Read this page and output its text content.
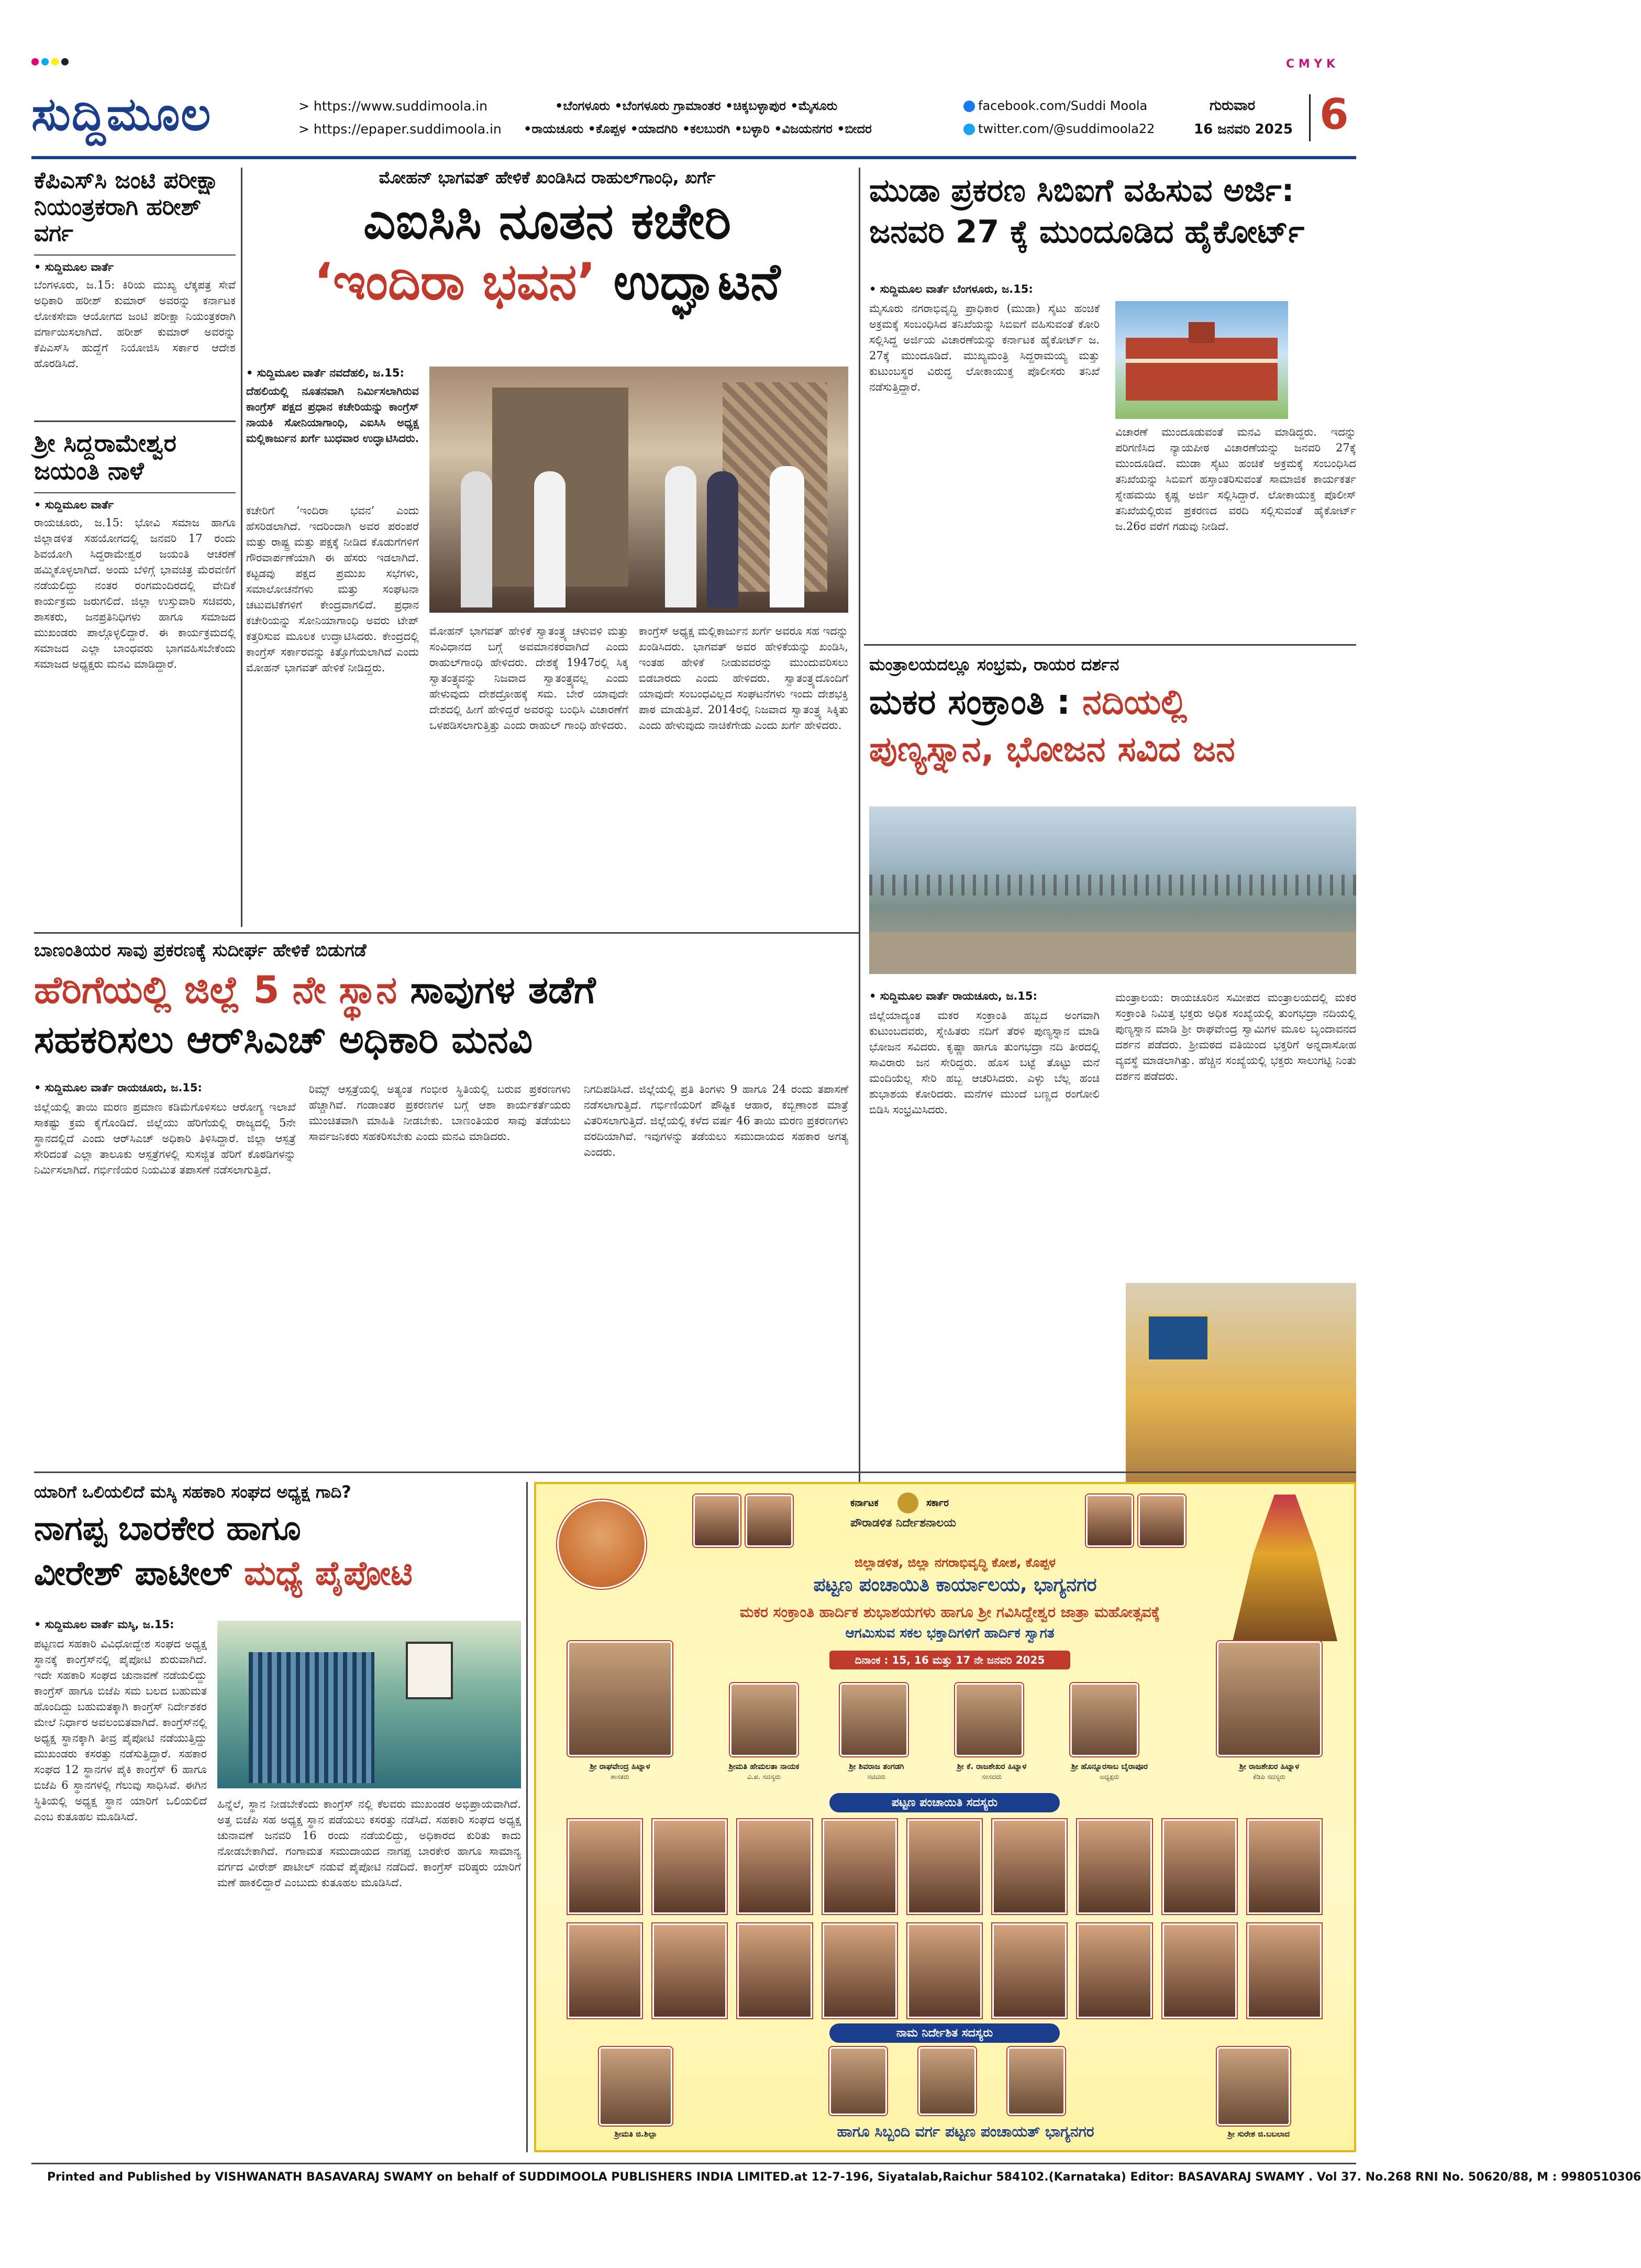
C M Y K
ಸುದ್ದಿಮೂಲ	> https://www.suddimoola.in
> https://epaper.suddimoola.in
•ಬೆಂಗಳೂರು •ಬೆಂಗಳೂರು ಗ್ರಾಮಾಂತರ •ಚಿಕ್ಕಬಳ್ಳಾಪುರ •ಮೈಸೂರು
•ರಾಯಚೂರು •ಕೊಪ್ಪಳ •ಯಾದಗಿರಿ •ಕಲಬುರಗಿ •ಬಳ್ಳಾರಿ •ವಿಜಯನಗರ •ಬೀದರ
facebook.com/Suddi Moola
twitter.com/@suddimoola22
ಗುರುವಾರ
16 ಜನವರಿ 2025 6
ಕೆಪಿಎಸ್‌ಸಿ ಜಂಟಿ ಪರೀಕ್ಷಾ ನಿಯಂತ್ರಕರಾಗಿ ಹರೀಶ್ ವರ್ಗ
• ಸುದ್ದಿಮೂಲ ವಾರ್ತೆ
ಬೆಂಗಳೂರು, ಜ.15: ಕಿರಿಯ ಮುಖ್ಯ ಲೆಕ್ಕಪತ್ರ ಸೇವೆ ಅಧಿಕಾರಿ ಹರೀಶ್ ಕುಮಾರ್ ಅವರನ್ನು ಕರ್ನಾಟಕ ಲೋಕಸೇವಾ ಆಯೋಗದ ಜಂಟಿ ಪರೀಕ್ಷಾ ನಿಯಂತ್ರಕರಾಗಿ ವರ್ಗಾಯಿಸಲಾಗಿದೆ. ಹರೀಶ್ ಕುಮಾರ್ ಅವರನ್ನು ಕೆಪಿಎಸ್‌ಸಿ ಹುದ್ದೆಗೆ ನಿಯೋಜಿಸಿ ಸರ್ಕಾರ ಆದೇಶ ಹೊರಡಿಸಿದೆ.
ಶ್ರೀ ಸಿದ್ದರಾಮೇಶ್ವರ ಜಯಂತಿ ನಾಳೆ
• ಸುದ್ದಿಮೂಲ ವಾರ್ತೆ
ರಾಯಚೂರು, ಜ.15: ಭೋವಿ ಸಮಾಜ ಹಾಗೂ ಜಿಲ್ಲಾಡಳಿತ ಸಹಯೋಗದಲ್ಲಿ ಜನವರಿ 17 ರಂದು ಶಿವಯೋಗಿ ಸಿದ್ದರಾಮೇಶ್ವರ ಜಯಂತಿ ಆಚರಣೆ ಹಮ್ಮಿಕೊಳ್ಳಲಾಗಿದೆ. ಅಂದು ಬೆಳಿಗ್ಗೆ ಭಾವಚಿತ್ರ ಮೆರವಣಿಗೆ ನಡೆಯಲಿದ್ದು ನಂತರ ರಂಗಮಂದಿರದಲ್ಲಿ ವೇದಿಕೆ ಕಾರ್ಯಕ್ರಮ ಜರುಗಲಿದೆ. ಜಿಲ್ಲಾ ಉಸ್ತುವಾರಿ ಸಚಿವರು, ಶಾಸಕರು, ಜನಪ್ರತಿನಿಧಿಗಳು ಹಾಗೂ ಸಮಾಜದ ಮುಖಂಡರು ಪಾಲ್ಗೊಳ್ಳಲಿದ್ದಾರೆ. ಈ ಕಾರ್ಯಕ್ರಮದಲ್ಲಿ ಸಮಾಜದ ಎಲ್ಲಾ ಬಾಂಧವರು ಭಾಗವಹಿಸಬೇಕೆಂದು ಸಮಾಜದ ಅಧ್ಯಕ್ಷರು ಮನವಿ ಮಾಡಿದ್ದಾರೆ.
ಮೋಹನ್ ಭಾಗವತ್ ಹೇಳಿಕೆ ಖಂಡಿಸಿದ ರಾಹುಲ್‌ಗಾಂಧಿ, ಖರ್ಗೆ
ಎಐಸಿಸಿ ನೂತನ ಕಚೇರಿ
‘ಇಂದಿರಾ ಭವನ’ ಉದ್ಘಾಟನೆ
• ಸುದ್ದಿಮೂಲ ವಾರ್ತೆ ನವದೆಹಲಿ, ಜ.15:
ದೆಹಲಿಯಲ್ಲಿ ನೂತನವಾಗಿ ನಿರ್ಮಿಸಲಾಗಿರುವ ಕಾಂಗ್ರೆಸ್ ಪಕ್ಷದ ಪ್ರಧಾನ ಕಚೇರಿಯನ್ನು ಕಾಂಗ್ರೆಸ್ ನಾಯಕಿ ಸೋನಿಯಾಗಾಂಧಿ, ಎಐಸಿಸಿ ಅಧ್ಯಕ್ಷ ಮಲ್ಲಿಕಾರ್ಜುನ ಖರ್ಗೆ ಬುಧವಾರ ಉದ್ಘಾಟಿಸಿದರು.
ಕಚೇರಿಗೆ ‘ಇಂದಿರಾ ಭವನ’ ಎಂದು ಹೆಸರಿಡಲಾಗಿದೆ. ಇದರಿಂದಾಗಿ ಅವರ ಪರಂಪರೆ ಮತ್ತು ರಾಷ್ಟ್ರ ಮತ್ತು ಪಕ್ಷಕ್ಕೆ ನೀಡಿದ ಕೊಡುಗೆಗಳಿಗೆ ಗೌರವಾರ್ಪಣೆಯಾಗಿ ಈ ಹೆಸರು ಇಡಲಾಗಿದೆ. ಕಟ್ಟಡವು ಪಕ್ಷದ ಪ್ರಮುಖ ಸಭೆಗಳು, ಸಮಾಲೋಚನೆಗಳು ಮತ್ತು ಸಂಘಟನಾ ಚಟುವಟಿಕೆಗಳಿಗೆ ಕೇಂದ್ರವಾಗಲಿದೆ. ಪ್ರಧಾನ ಕಚೇರಿಯನ್ನು ಸೋನಿಯಾಗಾಂಧಿ ಅವರು ಟೇಪ್ ಕತ್ತರಿಸುವ ಮೂಲಕ ಉದ್ಘಾಟಿಸಿದರು. ಕೇಂದ್ರದಲ್ಲಿ ಕಾಂಗ್ರೆಸ್ ಸರ್ಕಾರವನ್ನು ಕಿತ್ತೊಗೆಯಲಾಗಿದೆ ಎಂದು ಮೋಹನ್ ಭಾಗವತ್ ಹೇಳಿಕೆ ನೀಡಿದ್ದರು.
ಮೋಹನ್ ಭಾಗವತ್ ಹೇಳಿಕೆ ಸ್ವಾತಂತ್ರ್ಯ ಚಳುವಳಿ ಮತ್ತು ಸಂವಿಧಾನದ ಬಗ್ಗೆ ಅವಮಾನಕರವಾಗಿದೆ ಎಂದು ರಾಹುಲ್‌ಗಾಂಧಿ ಹೇಳಿದರು. ದೇಶಕ್ಕೆ 1947ರಲ್ಲಿ ಸಿಕ್ಕ ಸ್ವಾತಂತ್ರ್ಯವನ್ನು ನಿಜವಾದ ಸ್ವಾತಂತ್ರ್ಯವಲ್ಲ ಎಂದು ಹೇಳುವುದು ದೇಶದ್ರೋಹಕ್ಕೆ ಸಮ. ಬೇರೆ ಯಾವುದೇ ದೇಶದಲ್ಲಿ ಹೀಗೆ ಹೇಳಿದ್ದರೆ ಅವರನ್ನು ಬಂಧಿಸಿ ವಿಚಾರಣೆಗೆ ಒಳಪಡಿಸಲಾಗುತ್ತಿತ್ತು ಎಂದು ರಾಹುಲ್ ಗಾಂಧಿ ಹೇಳಿದರು.
ಕಾಂಗ್ರೆಸ್ ಅಧ್ಯಕ್ಷ ಮಲ್ಲಿಕಾರ್ಜುನ ಖರ್ಗೆ ಅವರೂ ಸಹ ಇದನ್ನು ಖಂಡಿಸಿದರು. ಭಾಗವತ್ ಅವರ ಹೇಳಿಕೆಯನ್ನು ಖಂಡಿಸಿ, ಇಂತಹ ಹೇಳಿಕೆ ನೀಡುವವರನ್ನು ಮುಂದುವರಿಸಲು ಬಿಡಬಾರದು ಎಂದು ಹೇಳಿದರು. ಸ್ವಾತಂತ್ರ್ಯದೊಂದಿಗೆ ಯಾವುದೇ ಸಂಬಂಧವಿಲ್ಲದ ಸಂಘಟನೆಗಳು ಇಂದು ದೇಶಭಕ್ತಿ ಪಾಠ ಮಾಡುತ್ತಿವೆ. 2014ರಲ್ಲಿ ನಿಜವಾದ ಸ್ವಾತಂತ್ರ್ಯ ಸಿಕ್ಕಿತು ಎಂದು ಹೇಳುವುದು ನಾಚಿಕೆಗೇಡು ಎಂದು ಖರ್ಗೆ ಹೇಳಿದರು.
ಮುಡಾ ಪ್ರಕರಣ ಸಿಬಿಐಗೆ ವಹಿಸುವ ಅರ್ಜಿ:
ಜನವರಿ 27 ಕ್ಕೆ ಮುಂದೂಡಿದ ಹೈಕೋರ್ಟ್
• ಸುದ್ದಿಮೂಲ ವಾರ್ತೆ ಬೆಂಗಳೂರು, ಜ.15:
ಮೈಸೂರು ನಗರಾಭಿವೃದ್ಧಿ ಪ್ರಾಧಿಕಾರ (ಮುಡಾ) ಸೈಟು ಹಂಚಿಕೆ ಅಕ್ರಮಕ್ಕೆ ಸಂಬಂಧಿಸಿದ ತನಿಖೆಯನ್ನು ಸಿಬಿಐಗೆ ವಹಿಸುವಂತೆ ಕೋರಿ ಸಲ್ಲಿಸಿದ್ದ ಅರ್ಜಿಯ ವಿಚಾರಣೆಯನ್ನು ಕರ್ನಾಟಕ ಹೈಕೋರ್ಟ್ ಜ. 27ಕ್ಕೆ ಮುಂದೂಡಿದೆ. ಮುಖ್ಯಮಂತ್ರಿ ಸಿದ್ದರಾಮಯ್ಯ ಮತ್ತು ಕುಟುಂಬಸ್ಥರ ವಿರುದ್ಧ ಲೋಕಾಯುಕ್ತ ಪೊಲೀಸರು ತನಿಖೆ ನಡೆಸುತ್ತಿದ್ದಾರೆ.
ವಿಚಾರಣೆ ಮುಂದೂಡುವಂತೆ ಮನವಿ ಮಾಡಿದ್ದರು. ಇದನ್ನು ಪರಿಗಣಿಸಿದ ನ್ಯಾಯಪೀಠ ವಿಚಾರಣೆಯನ್ನು ಜನವರಿ 27ಕ್ಕೆ ಮುಂದೂಡಿದೆ. ಮುಡಾ ಸೈಟು ಹಂಚಿಕೆ ಅಕ್ರಮಕ್ಕೆ ಸಂಬಂಧಿಸಿದ ತನಿಖೆಯನ್ನು ಸಿಬಿಐಗೆ ಹಸ್ತಾಂತರಿಸುವಂತೆ ಸಾಮಾಜಿಕ ಕಾರ್ಯಕರ್ತ ಸ್ನೇಹಮಯಿ ಕೃಷ್ಣ ಅರ್ಜಿ ಸಲ್ಲಿಸಿದ್ದಾರೆ. ಲೋಕಾಯುಕ್ತ ಪೊಲೀಸ್ ತನಿಖೆಯಲ್ಲಿರುವ ಪ್ರಕರಣದ ವರದಿ ಸಲ್ಲಿಸುವಂತೆ ಹೈಕೋರ್ಟ್ ಜ.26ರ ವರೆಗೆ ಗಡುವು ನೀಡಿದೆ.
ಮಂತ್ರಾಲಯದಲ್ಲೂ ಸಂಭ್ರಮ, ರಾಯರ ದರ್ಶನ
ಮಕರ ಸಂಕ್ರಾಂತಿ : ನದಿಯಲ್ಲಿ
ಪುಣ್ಯಸ್ನಾನ, ಭೋಜನ ಸವಿದ ಜನ
• ಸುದ್ದಿಮೂಲ ವಾರ್ತೆ ರಾಯಚೂರು, ಜ.15:
ಜಿಲ್ಲೆಯಾದ್ಯಂತ ಮಕರ ಸಂಕ್ರಾಂತಿ ಹಬ್ಬದ ಅಂಗವಾಗಿ ಕುಟುಂಬದವರು, ಸ್ನೇಹಿತರು ನದಿಗೆ ತೆರಳಿ ಪುಣ್ಯಸ್ನಾನ ಮಾಡಿ ಭೋಜನ ಸವಿದರು. ಕೃಷ್ಣಾ ಹಾಗೂ ತುಂಗಭದ್ರಾ ನದಿ ತೀರದಲ್ಲಿ ಸಾವಿರಾರು ಜನ ಸೇರಿದ್ದರು. ಹೊಸ ಬಟ್ಟೆ ತೊಟ್ಟು ಮನೆ ಮಂದಿಯೆಲ್ಲ ಸೇರಿ ಹಬ್ಬ ಆಚರಿಸಿದರು. ಎಳ್ಳು ಬೆಲ್ಲ ಹಂಚಿ ಶುಭಾಶಯ ಕೋರಿದರು. ಮನೆಗಳ ಮುಂದೆ ಬಣ್ಣದ ರಂಗೋಲಿ ಬಿಡಿಸಿ ಸಂಭ್ರಮಿಸಿದರು.
ಮಂತ್ರಾಲಯ: ರಾಯಚೂರಿನ ಸಮೀಪದ ಮಂತ್ರಾಲಯದಲ್ಲಿ ಮಕರ ಸಂಕ್ರಾಂತಿ ನಿಮಿತ್ತ ಭಕ್ತರು ಅಧಿಕ ಸಂಖ್ಯೆಯಲ್ಲಿ ತುಂಗಭದ್ರಾ ನದಿಯಲ್ಲಿ ಪುಣ್ಯಸ್ನಾನ ಮಾಡಿ ಶ್ರೀ ರಾಘವೇಂದ್ರ ಸ್ವಾಮಿಗಳ ಮೂಲ ಬೃಂದಾವನದ ದರ್ಶನ ಪಡೆದರು. ಶ್ರೀಮಠದ ವತಿಯಿಂದ ಭಕ್ತರಿಗೆ ಅನ್ನದಾಸೋಹ ವ್ಯವಸ್ಥೆ ಮಾಡಲಾಗಿತ್ತು. ಹೆಚ್ಚಿನ ಸಂಖ್ಯೆಯಲ್ಲಿ ಭಕ್ತರು ಸಾಲುಗಟ್ಟಿ ನಿಂತು ದರ್ಶನ ಪಡೆದರು.
ಬಾಣಂತಿಯರ ಸಾವು ಪ್ರಕರಣಕ್ಕೆ ಸುದೀರ್ಘ ಹೇಳಿಕೆ ಬಿಡುಗಡೆ
ಹೆರಿಗೆಯಲ್ಲಿ ಜಿಲ್ಲೆ 5 ನೇ ಸ್ಥಾನ ಸಾವುಗಳ ತಡೆಗೆ
ಸಹಕರಿಸಲು ಆರ್‌ಸಿಎಚ್ ಅಧಿಕಾರಿ ಮನವಿ
• ಸುದ್ದಿಮೂಲ ವಾರ್ತೆ ರಾಯಚೂರು, ಜ.15:
ಜಿಲ್ಲೆಯಲ್ಲಿ ತಾಯಿ ಮರಣ ಪ್ರಮಾಣ ಕಡಿಮೆಗೊಳಿಸಲು ಆರೋಗ್ಯ ಇಲಾಖೆ ಸಾಕಷ್ಟು ಕ್ರಮ ಕೈಗೊಂಡಿದೆ. ಜಿಲ್ಲೆಯು ಹೆರಿಗೆಯಲ್ಲಿ ರಾಜ್ಯದಲ್ಲಿ 5ನೇ ಸ್ಥಾನದಲ್ಲಿದೆ ಎಂದು ಆರ್‌ಸಿಎಚ್ ಅಧಿಕಾರಿ ತಿಳಿಸಿದ್ದಾರೆ. ಜಿಲ್ಲಾ ಆಸ್ಪತ್ರೆ ಸೇರಿದಂತೆ ಎಲ್ಲಾ ತಾಲೂಕು ಆಸ್ಪತ್ರೆಗಳಲ್ಲಿ ಸುಸಜ್ಜಿತ ಹೆರಿಗೆ ಕೊಠಡಿಗಳನ್ನು ನಿರ್ಮಿಸಲಾಗಿದೆ. ಗರ್ಭಿಣಿಯರ ನಿಯಮಿತ ತಪಾಸಣೆ ನಡೆಸಲಾಗುತ್ತಿದೆ.
ರಿಮ್ಸ್ ಆಸ್ಪತ್ರೆಯಲ್ಲಿ ಅತ್ಯಂತ ಗಂಭೀರ ಸ್ಥಿತಿಯಲ್ಲಿ ಬರುವ ಪ್ರಕರಣಗಳು ಹೆಚ್ಚಾಗಿವೆ. ಗಂಡಾಂತರ ಪ್ರಕರಣಗಳ ಬಗ್ಗೆ ಆಶಾ ಕಾರ್ಯಕರ್ತೆಯರು ಮುಂಚಿತವಾಗಿ ಮಾಹಿತಿ ನೀಡಬೇಕು. ಬಾಣಂತಿಯರ ಸಾವು ತಡೆಯಲು ಸಾರ್ವಜನಿಕರು ಸಹಕರಿಸಬೇಕು ಎಂದು ಮನವಿ ಮಾಡಿದರು.
ನಿಗದಿಪಡಿಸಿದೆ. ಜಿಲ್ಲೆಯಲ್ಲಿ ಪ್ರತಿ ತಿಂಗಳು 9 ಹಾಗೂ 24 ರಂದು ತಪಾಸಣೆ ನಡೆಸಲಾಗುತ್ತಿದೆ. ಗರ್ಭಿಣಿಯರಿಗೆ ಪೌಷ್ಟಿಕ ಆಹಾರ, ಕಬ್ಬಿಣಾಂಶ ಮಾತ್ರೆ ವಿತರಿಸಲಾಗುತ್ತಿದೆ. ಜಿಲ್ಲೆಯಲ್ಲಿ ಕಳೆದ ವರ್ಷ 46 ತಾಯಿ ಮರಣ ಪ್ರಕರಣಗಳು ವರದಿಯಾಗಿವೆ. ಇವುಗಳನ್ನು ತಡೆಯಲು ಸಮುದಾಯದ ಸಹಕಾರ ಅಗತ್ಯ ಎಂದರು.
ಯಾರಿಗೆ ಒಲಿಯಲಿದೆ ಮಸ್ಕಿ ಸಹಕಾರಿ ಸಂಘದ ಅಧ್ಯಕ್ಷ ಗಾದಿ?
ನಾಗಪ್ಪ ಬಾರಕೇರ ಹಾಗೂ
ವೀರೇಶ್ ಪಾಟೀಲ್ ಮಧ್ಯೆ ಪೈಪೋಟಿ
• ಸುದ್ದಿಮೂಲ ವಾರ್ತೆ ಮಸ್ಕಿ, ಜ.15:
ಪಟ್ಟಣದ ಸಹಕಾರಿ ವಿವಿಧೋದ್ದೇಶ ಸಂಘದ ಅಧ್ಯಕ್ಷ ಸ್ಥಾನಕ್ಕೆ ಕಾಂಗ್ರೆಸ್‌ನಲ್ಲಿ ಪೈಪೋಟಿ ಶುರುವಾಗಿದೆ. ಇದೇ ಸಹಕಾರಿ ಸಂಘದ ಚುನಾವಣೆ ನಡೆಯಲಿದ್ದು ಕಾಂಗ್ರೆಸ್ ಹಾಗೂ ಬಿಜೆಪಿ ಸಮ ಬಲದ ಬಹುಮತ ಹೊಂದಿದ್ದು ಬಹುಮತಕ್ಕಾಗಿ ಕಾಂಗ್ರೆಸ್ ನಿರ್ದೇಶಕರ ಮೇಲೆ ನಿರ್ಧಾರ ಅವಲಂಬಿತವಾಗಿದೆ. ಕಾಂಗ್ರೆಸ್‌ನಲ್ಲಿ ಅಧ್ಯಕ್ಷ ಸ್ಥಾನಕ್ಕಾಗಿ ತೀವ್ರ ಪೈಪೋಟಿ ನಡೆಯುತ್ತಿದ್ದು ಮುಖಂಡರು ಕಸರತ್ತು ನಡೆಸುತ್ತಿದ್ದಾರೆ. ಸಹಕಾರ ಸಂಘದ 12 ಸ್ಥಾನಗಳ ಪೈಕಿ ಕಾಂಗ್ರೆಸ್ 6 ಹಾಗೂ ಬಿಜೆಪಿ 6 ಸ್ಥಾನಗಳಲ್ಲಿ ಗೆಲುವು ಸಾಧಿಸಿವೆ. ಈಗಿನ ಸ್ಥಿತಿಯಲ್ಲಿ ಅಧ್ಯಕ್ಷ ಸ್ಥಾನ ಯಾರಿಗೆ ಒಲಿಯಲಿದೆ ಎಂಬ ಕುತೂಹಲ ಮೂಡಿಸಿದೆ.
ಹಿನ್ನೆಲೆ, ಸ್ಥಾನ ನೀಡಬೇಕೆಂದು ಕಾಂಗ್ರೆಸ್ ನಲ್ಲಿ ಕೆಲವರು ಮುಖಂಡರ ಅಭಿಪ್ರಾಯವಾಗಿದೆ. ಅತ್ತ ಬಿಜೆಪಿ ಸಹ ಅಧ್ಯಕ್ಷ ಸ್ಥಾನ ಪಡೆಯಲು ಕಸರತ್ತು ನಡೆಸಿದೆ. ಸಹಕಾರಿ ಸಂಘದ ಅಧ್ಯಕ್ಷ ಚುನಾವಣೆ ಜನವರಿ 16 ರಂದು ನಡೆಯಲಿದ್ದು, ಅಧಿಕಾರದ ಕುರಿತು ಕಾದು ನೋಡಬೇಕಾಗಿದೆ. ಗಂಗಾಮತ ಸಮುದಾಯದ ನಾಗಪ್ಪ ಬಾರಕೇರ ಹಾಗೂ ಸಾಮಾನ್ಯ ವರ್ಗದ ವೀರೇಶ್ ಪಾಟೀಲ್ ನಡುವೆ ಪೈಪೋಟಿ ನಡೆದಿದೆ. ಕಾಂಗ್ರೆಸ್ ವರಿಷ್ಠರು ಯಾರಿಗೆ ಮಣೆ ಹಾಕಲಿದ್ದಾರೆ ಎಂಬುದು ಕುತೂಹಲ ಮೂಡಿಸಿದೆ.
ಕರ್ನಾಟಕ	ಸರ್ಕಾರ
ಪೌರಾಡಳಿತ ನಿರ್ದೇಶನಾಲಯ
ಜಿಲ್ಲಾಡಳಿತ, ಜಿಲ್ಲಾ ನಗರಾಭಿವೃದ್ಧಿ ಕೋಶ, ಕೊಪ್ಪಳ
ಪಟ್ಟಣ ಪಂಚಾಯಿತಿ ಕಾರ್ಯಾಲಯ, ಭಾಗ್ಯನಗರ
ಮಕರ ಸಂಕ್ರಾಂತಿ ಹಾರ್ದಿಕ ಶುಭಾಶಯಗಳು ಹಾಗೂ ಶ್ರೀ ಗವಿಸಿದ್ದೇಶ್ವರ ಜಾತ್ರಾ ಮಹೋತ್ಸವಕ್ಕೆ
ಆಗಮಿಸುವ ಸಕಲ ಭಕ್ತಾದಿಗಳಿಗೆ ಹಾರ್ದಿಕ ಸ್ವಾಗತ
ದಿನಾಂಕ : 15, 16 ಮತ್ತು 17 ನೇ ಜನವರಿ 2025
ಶ್ರೀ ರಾಘವೇಂದ್ರ ಹಿಟ್ನಾಳ
ಶಾಸಕರು
ಶ್ರೀಮತಿ ಹೇಮಲತಾ ನಾಯಕ
ವಿ.ಪ. ಸದಸ್ಯರು
ಶ್ರೀ ಶಿವರಾಜ ತಂಗಡಗಿ
ಸಚಿವರು
ಶ್ರೀ ಕೆ. ರಾಜಶೇಖರ ಹಿಟ್ನಾಳ
ಸಂಸದರು
ಶ್ರೀ ಹೊನ್ನೂರಸಾಬ ಬೈರಾಪೂರ
ಅಧ್ಯಕ್ಷರು
ಶ್ರೀ ರಾಜಶೇಖರ ಹಿಟ್ನಾಳ
ಕೆಡಿಪಿ ಸದಸ್ಯರು
ಪಟ್ಟಣ ಪಂಚಾಯಿತಿ ಸದಸ್ಯರು
ನಾಮ ನಿರ್ದೇಶಿತ ಸದಸ್ಯರು
ಶ್ರೀಮತಿ ಜಿ.ಶಿಲ್ಪಾ	ಹಾಗೂ ಸಿಬ್ಬಂದಿ ವರ್ಗ ಪಟ್ಟಣ ಪಂಚಾಯತ್ ಭಾಗ್ಯನಗರ	ಶ್ರೀ ಸುರೇಶ ಜಿ.ಬಬಲಾದ
Printed and Published by VISHWANATH BASAVARAJ SWAMY on behalf of SUDDIMOOLA PUBLISHERS INDIA LIMITED.at 12-7-196, Siyatalab,Raichur 584102.(Karnataka) Editor: BASAVARAJ SWAMY . Vol 37. No.268 RNI No. 50620/88, M : 9980510306
